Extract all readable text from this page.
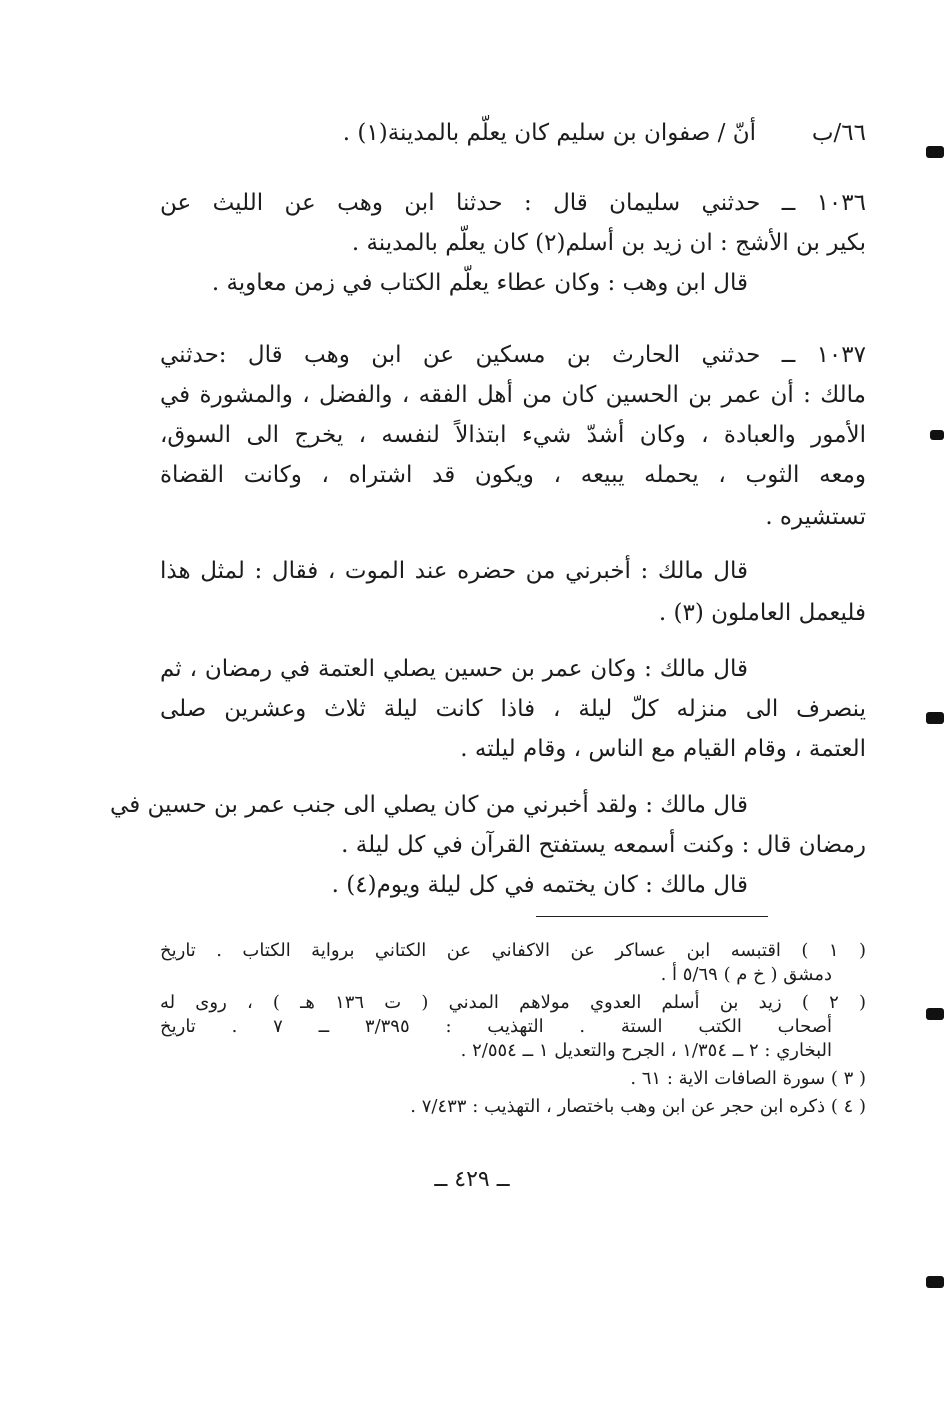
٦٦/ب
أنّ / صفوان بن سليم كان يعلّم بالمدينة(١) .
١٠٣٦ ــ حدثني سليمان قال : حدثنا ابن وهب عن الليث عن
بكير بن الأشج : ان زيد بن أسلم(٢) كان يعلّم بالمدينة .
قال ابن وهب : وكان عطاء يعلّم الكتاب في زمن معاوية .
١٠٣٧ ــ حدثني الحارث بن مسكين عن ابن وهب قال :حدثني
مالك : أن عمر بن الحسين كان من أهل الفقه ، والفضل ، والمشورة في
الأمور والعبادة ، وكان أشدّ شيء ابتذالاً لنفسه ، يخرج الى السوق،
ومعه الثوب ، يحمله يبيعه ، ويكون قد اشتراه ، وكانت القضاة
تستشيره .
قال مالك : أخبرني من حضره عند الموت ، فقال : لمثل هذا
فليعمل العاملون (٣) .
قال مالك : وكان عمر بن حسين يصلي العتمة في رمضان ، ثم
ينصرف الى منزله كلّ ليلة ، فاذا كانت ليلة ثلاث وعشرين صلى
العتمة ، وقام القيام مع الناس ، وقام ليلته .
قال مالك : ولقد أخبرني من كان يصلي الى جنب عمر بن حسين في
رمضان قال : وكنت أسمعه يستفتح القرآن في كل ليلة .
قال مالك : كان يختمه في كل ليلة ويوم(٤) .
( ١ ) اقتبسه ابن عساكر عن الاكفاني عن الكتاني برواية الكتاب . تاريخ
دمشق ( خ م ) ٥/٦٩ أ .
( ٢ ) زيد بن أسلم العدوي مولاهم المدني ( ت ١٣٦ هـ ) ، روى له
أصحاب الكتب الستة . التهذيب : ٣/٣٩٥ ــ ٧ . تاريخ
البخاري : ٢ ــ ١/٣٥٤ ، الجرح والتعديل ١ ــ ٢/٥٥٤ .
( ٣ ) سورة الصافات الاية : ٦١ .
( ٤ ) ذكره ابن حجر عن ابن وهب باختصار ، التهذيب : ٧/٤٣٣ .
ــ ٤٢٩ ــ
